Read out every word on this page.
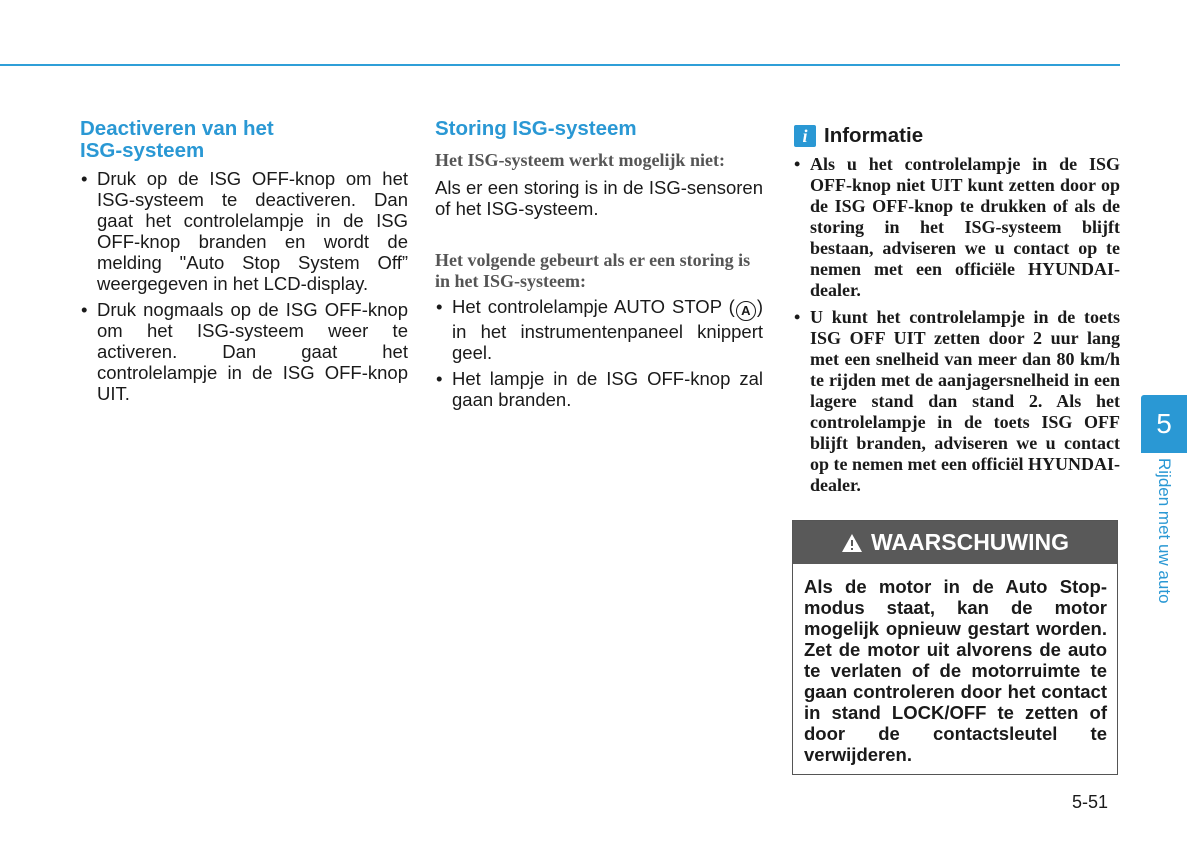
Deactiveren van het
ISG-systeem
• Druk op de ISG OFF-knop om het ISG-systeem te deactiveren. Dan gaat het controlelampje in de ISG OFF-knop branden en wordt de melding "Auto Stop System Off” weergegeven in het LCD-display.
• Druk nogmaals op de ISG OFF-knop om het ISG-systeem weer te activeren. Dan gaat het controlelampje in de ISG OFF-knop UIT.
Storing ISG-systeem

Het ISG-systeem werkt mogelijk niet:

Als er een storing is in de ISG-sensoren of het ISG-systeem.

Het volgende gebeurt als er een storing is in het ISG-systeem:

• Het controlelampje AUTO STOP ( A ) in het instrumentenpaneel knippert geel.
• Het lampje in de ISG OFF-knop zal gaan branden.
i Informatie
• Als u het controlelampje in de ISG OFF-knop niet UIT kunt zetten door op de ISG OFF-knop te drukken of als de storing in het ISG-systeem blijft bestaan, adviseren we u contact op te nemen met een officiële HYUNDAI-dealer.
• U kunt het controlelampje in de toets ISG OFF UIT zetten door 2 uur lang met een snelheid van meer dan 80 km/h te rijden met de aanjagersnelheid in een lagere stand dan stand 2. Als het controlelampje in de toets ISG OFF blijft branden, adviseren we u contact op te nemen met een officiël HYUNDAI-dealer.
WAARSCHUWING
Als de motor in de Auto Stop-modus staat, kan de motor mogelijk opnieuw gestart worden. Zet de motor uit alvorens de auto te verlaten of de motorruimte te gaan controleren door het contact in stand LOCK/OFF te zetten of door de contactsleutel te verwijderen.
5
Rijden met uw auto
5-51
